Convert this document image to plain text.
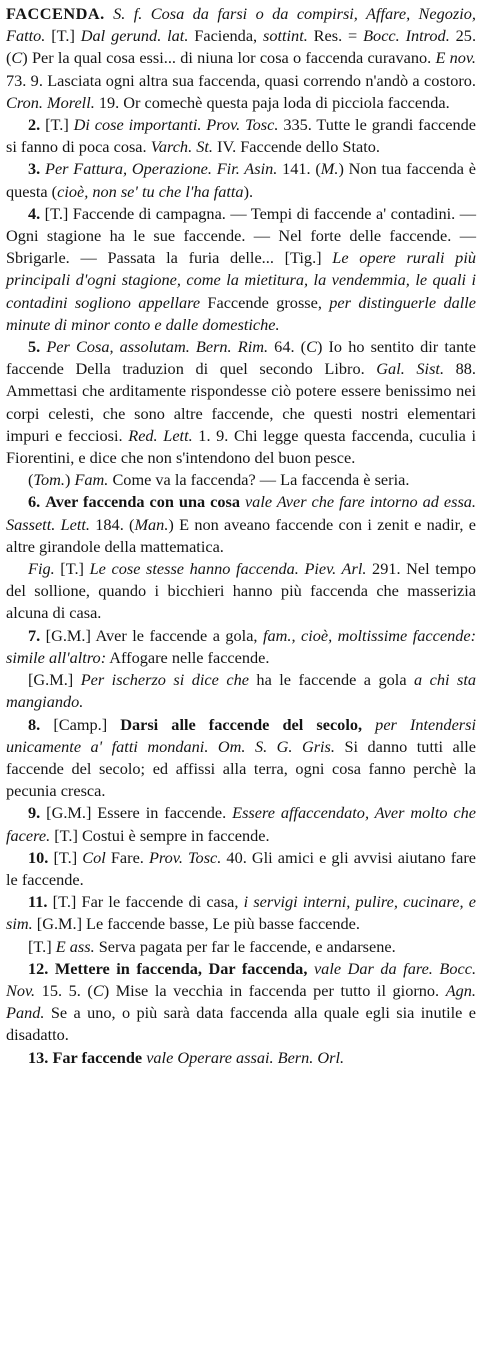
FACCENDA. S. f. Cosa da farsi o da compirsi, Affare, Negozio, Fatto. [T.] Dal gerund. lat. Facienda, sottint. Res. = Bocc. Introd. 25. (C) Per la qual cosa essi... di niuna lor cosa o faccenda curavano. E nov. 73. 9. Lasciata ogni altra sua faccenda, quasi correndo n'andò a costoro. Cron. Morell. 19. Or comechè questa paja loda di picciola faccenda.

2. [T.] Di cose importanti. Prov. Tosc. 335. Tutte le grandi faccende si fanno di poca cosa. Varch. St. IV. Faccende dello Stato.

3. Per Fattura, Operazione. Fir. Asin. 141. (M.) Non tua faccenda è questa (cioè, non se' tu che l'ha fatta).

4. [T.] Faccende di campagna. — Tempi di faccende a' contadini. — Ogni stagione ha le sue faccende. — Nel forte delle faccende. — Sbrigarle. — Passata la furia delle... [Tig.] Le opere rurali più principali d'ogni stagione, come la mietitura, la vendemmia, le quali i contadini sogliono appellare Faccende grosse, per distinguerle dalle minute di minor conto e dalle domestiche.

5. Per Cosa, assolutam. Bern. Rim. 64. (C) Io ho sentito dir tante faccende Della traduzion di quel secondo Libro. Gal. Sist. 88. Ammettasi che arditamente rispondesse ciò potere essere benissimo nei corpi celesti, che sono altre faccende, che questi nostri elementari impuri e fecciosi. Red. Lett. 1. 9. Chi legge questa faccenda, cuculia i Fiorentini, e dice che non s'intendono del buon pesce.

(Tom.) Fam. Come va la faccenda? — La faccenda è seria.

6. Aver faccenda con una cosa vale Aver che fare intorno ad essa. Sassett. Lett. 184. (Man.) E non aveano faccende con i zenit e nadir, e altre girandole della mattematica.

Fig. [T.] Le cose stesse hanno faccenda. Piev. Arl. 291. Nel tempo del sollione, quando i bicchieri hanno più faccenda che masserizia alcuna di casa.

7. [G.M.] Aver le faccende a gola, fam., cioè, moltissime faccende: simile all'altro: Affogare nelle faccende.

[G.M.] Per ischerzo si dice che ha le faccende a gola a chi sta mangiando.

8. [Camp.] Darsi alle faccende del secolo, per Intendersi unicamente a' fatti mondani. Om. S. G. Gris. Si danno tutti alle faccende del secolo; ed affissi alla terra, ogni cosa fanno perchè la pecunia cresca.

9. [G.M.] Essere in faccende. Essere affaccendato, Aver molto che facere. [T.] Costui è sempre in faccende.

10. [T.] Col Fare. Prov. Tosc. 40. Gli amici e gli avvisi aiutano fare le faccende.

11. [T.] Far le faccende di casa, i servigi interni, pulire, cucinare, e sim. [G.M.] Le faccende basse, Le più basse faccende.

[T.] E ass. Serva pagata per far le faccende, e andarsene.

12. Mettere in faccenda, Dar faccenda, vale Dar da fare. Bocc. Nov. 15. 5. (C) Mise la vecchia in faccenda per tutto il giorno. Agn. Pand. Se a uno, o più sarà data faccenda alla quale egli sia inutile e disadatto.

13. Far faccende vale Operare assai. Bern. Orl.
